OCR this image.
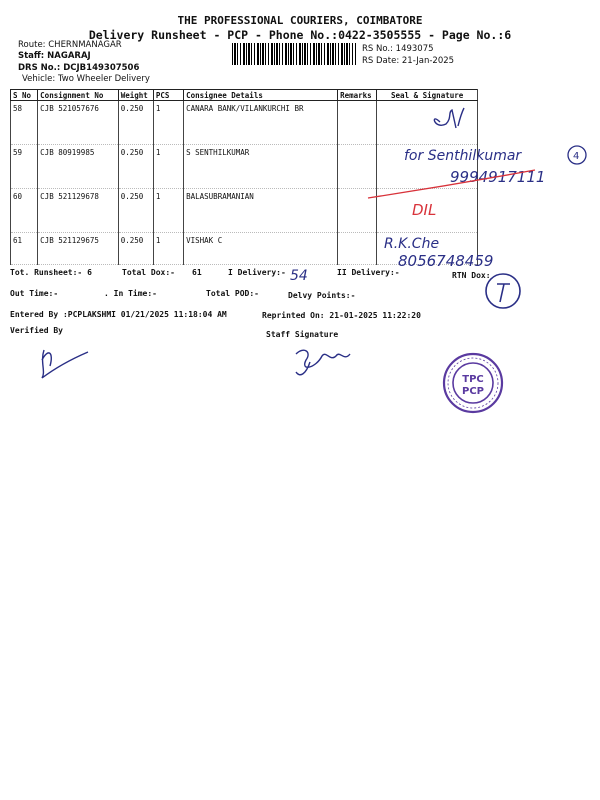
THE PROFESSIONAL COURIERS, COIMBATORE
Delivery Runsheet - PCP - Phone No.:0422-3505555 - Page No.:6
Route: CHERNMANAGAR
Staff: NAGARAJ
DRS No.: DCJB149307506
Vehicle: Two Wheeler Delivery
RS No.: 1493075
RS Date: 21-Jan-2025
S No	Consignment No	Weight	PCS	Consignee Details	Remarks	Seal & Signature
58	CJB 521057676	0.250	1	CANARA BANK/VILANKURCHI BR		
59	CJB 80919985	0.250	1	S SENTHILKUMAR		
60	CJB 521129678	0.250	1	BALASUBRAMANIAN		
61	CJB 521129675	0.250	1	VISHAK C		
Tot. Runsheet:- 6	Total Dox:- 61	I Delivery:-	II Delivery:-	RTN Dox:
Out Time:-	. In Time:-	Total POD:-	Delvy Points:-
Entered By :PCPLAKSHMI 01/21/2025 11:18:04 AM	Reprinted On: 21-01-2025 11:22:20
Verified By	Staff Signature
for Senthilkumar	4
9994917111
DIL
R.K.Che
8056748459
54
TPC
PCP
